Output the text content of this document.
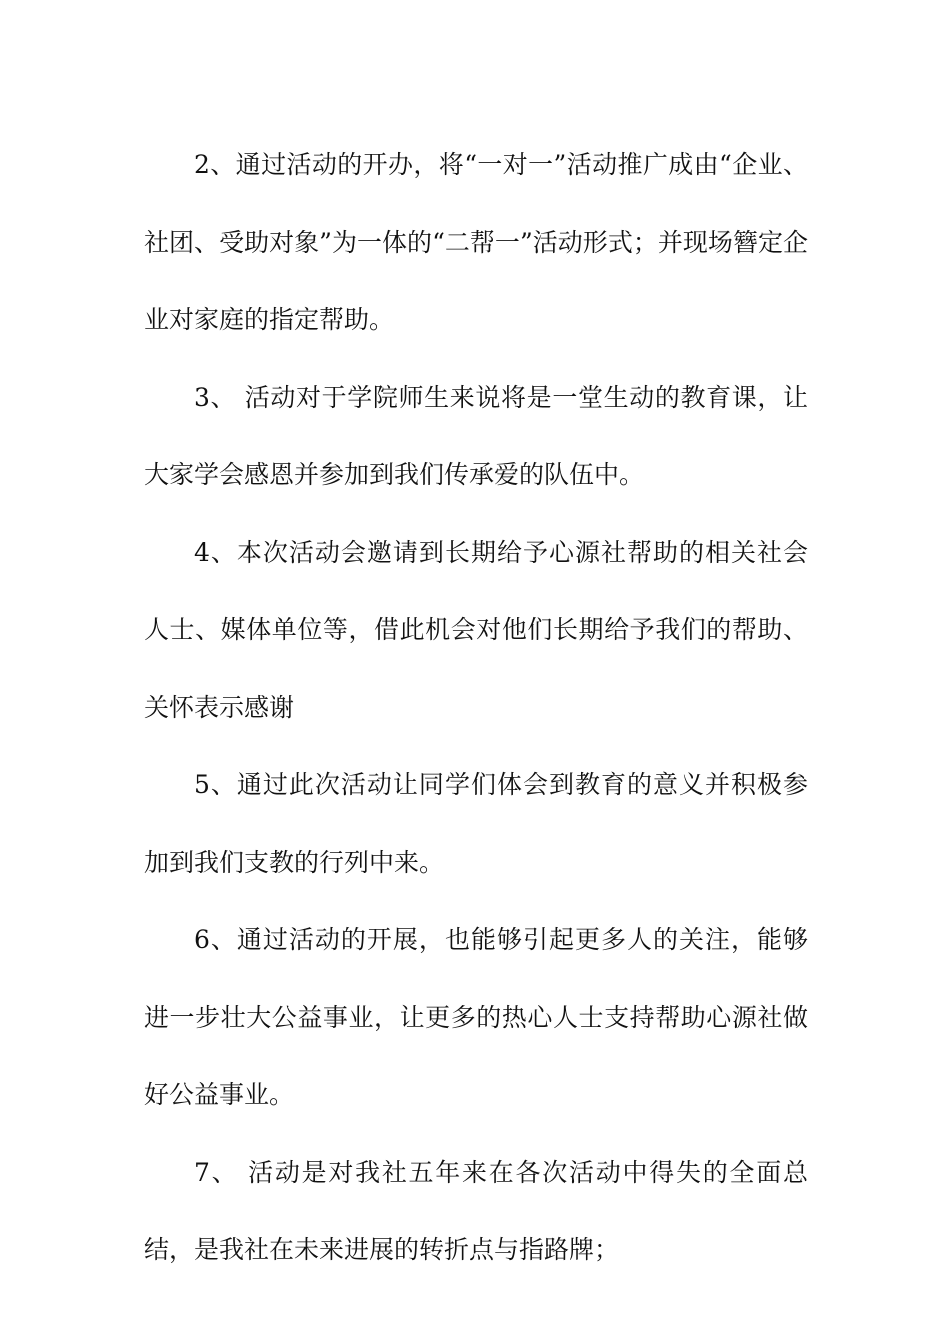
2、通过活动的开办，将“一对一”活动推广成由“企业、社团、受助对象”为一体的“二帮一”活动形式；并现场簪定企业对家庭的指定帮助。

3、 活动对于学院师生来说将是一堂生动的教育课，让大家学会感恩并参加到我们传承爱的队伍中。

4、本次活动会邀请到长期给予心源社帮助的相关社会人士、媒体单位等，借此机会对他们长期给予我们的帮助、关怀表示感谢

5、通过此次活动让同学们体会到教育的意义并积极参加到我们支教的行列中来。

6、通过活动的开展，也能够引起更多人的关注，能够进一步壮大公益事业，让更多的热心人士支持帮助心源社做好公益事业。

7、 活动是对我社五年来在各次活动中得失的全面总结，是我社在未来进展的转折点与指路牌；
